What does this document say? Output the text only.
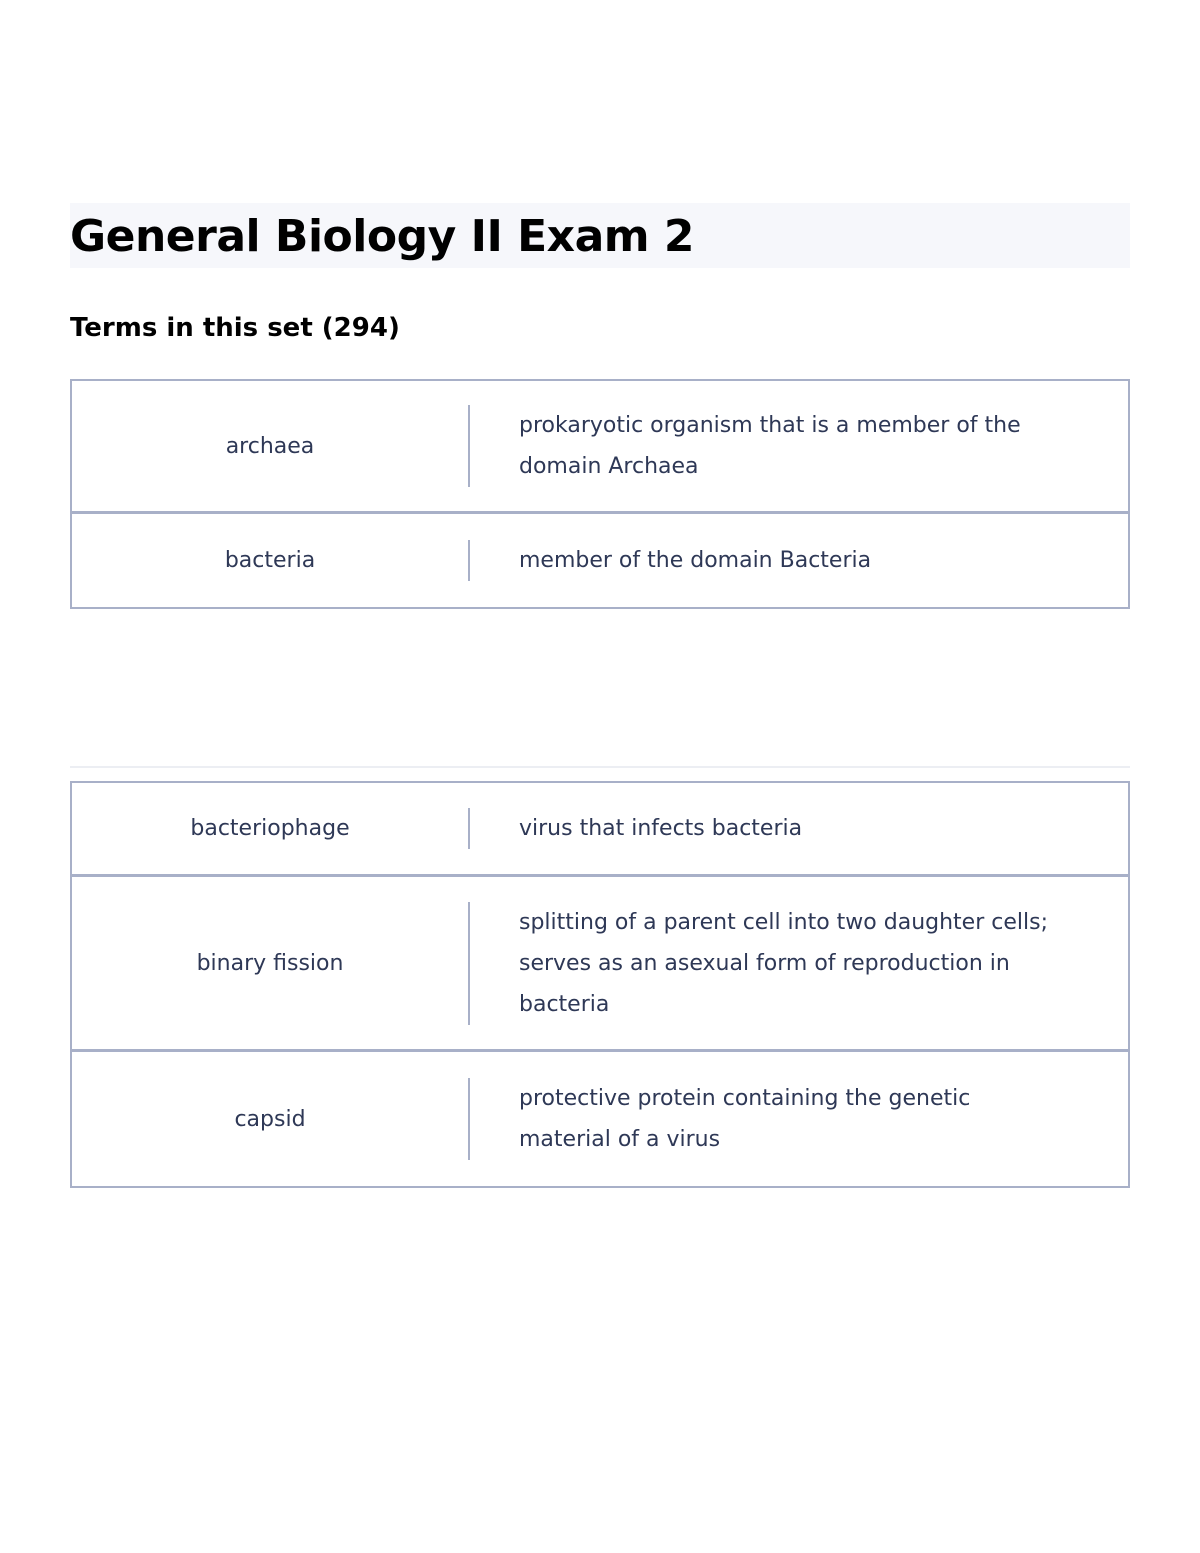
General Biology II Exam 2
Terms in this set (294)
archaea
prokaryotic organism that is a member of the domain Archaea
bacteria	member of the domain Bacteria
bacteriophage	virus that infects bacteria
binary fission
splitting of a parent cell into two daughter cells; serves as an asexual form of reproduction in bacteria
capsid
protective protein containing the genetic material of a virus
